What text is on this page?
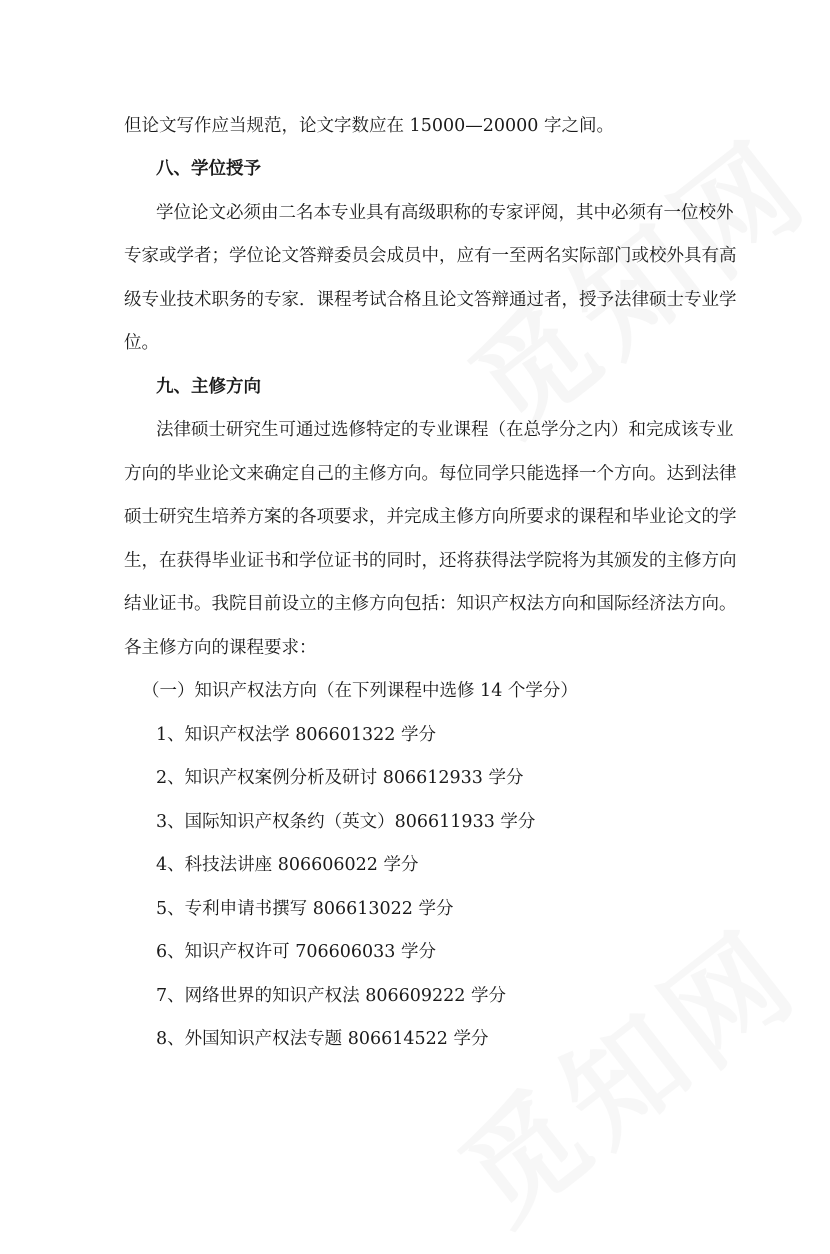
但论文写作应当规范，论文字数应在 15000—20000 字之间。
八、学位授予
学位论文必须由二名本专业具有高级职称的专家评阅，其中必须有一位校外
专家或学者；学位论文答辩委员会成员中，应有一至两名实际部门或校外具有高
级专业技术职务的专家．课程考试合格且论文答辩通过者，授予法律硕士专业学
位。
九、主修方向
法律硕士研究生可通过选修特定的专业课程（在总学分之内）和完成该专业
方向的毕业论文来确定自己的主修方向。每位同学只能选择一个方向。达到法律
硕士研究生培养方案的各项要求，并完成主修方向所要求的课程和毕业论文的学
生，在获得毕业证书和学位证书的同时，还将获得法学院将为其颁发的主修方向
结业证书。我院目前设立的主修方向包括：知识产权法方向和国际经济法方向。
各主修方向的课程要求：
（一）知识产权法方向（在下列课程中选修 14 个学分）
1、知识产权法学 806601322 学分
2、知识产权案例分析及研讨 806612933 学分
3、国际知识产权条约（英文）806611933 学分
4、科技法讲座 806606022 学分
5、专利申请书撰写 806613022 学分
6、知识产权许可 706606033 学分
7、网络世界的知识产权法 806609222 学分
8、外国知识产权法专题 806614522 学分
